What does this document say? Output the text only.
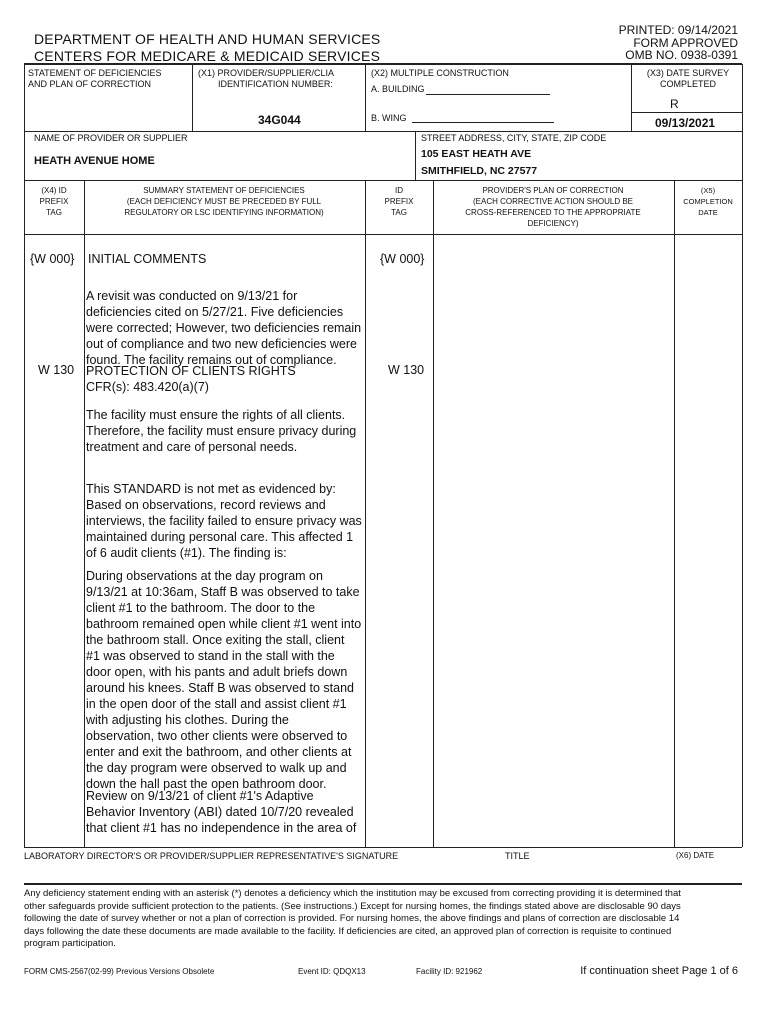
DEPARTMENT OF HEALTH AND HUMAN SERVICES
CENTERS FOR MEDICARE & MEDICAID SERVICES
PRINTED: 09/14/2021
FORM APPROVED
OMB NO. 0938-0391
STATEMENT OF DEFICIENCIES
AND PLAN OF CORRECTION
(X1) PROVIDER/SUPPLIER/CLIA
IDENTIFICATION NUMBER:
34G044
(X2) MULTIPLE CONSTRUCTION
A. BUILDING
B. WING
(X3) DATE SURVEY
COMPLETED
R
09/13/2021
NAME OF PROVIDER OR SUPPLIER
HEATH AVENUE HOME
STREET ADDRESS, CITY, STATE, ZIP CODE
105 EAST HEATH AVE
SMITHFIELD, NC 27577
(X4) ID
PREFIX
TAG
SUMMARY STATEMENT OF DEFICIENCIES
(EACH DEFICIENCY MUST BE PRECEDED BY FULL
REGULATORY OR LSC IDENTIFYING INFORMATION)
ID
PREFIX
TAG
PROVIDER'S PLAN OF CORRECTION
(EACH CORRECTIVE ACTION SHOULD BE
CROSS-REFERENCED TO THE APPROPRIATE
DEFICIENCY)
(X5)
COMPLETION
DATE
{W 000} INITIAL COMMENTS	{W 000}
A revisit was conducted on 9/13/21 for
deficiencies cited on 5/27/21. Five deficiencies
were corrected; However, two deficiencies remain
out of compliance and two new deficiencies were
found. The facility remains out of compliance.
W 130	W 130
PROTECTION OF CLIENTS RIGHTS
CFR(s): 483.420(a)(7)
The facility must ensure the rights of all clients.
Therefore, the facility must ensure privacy during
treatment and care of personal needs.
This STANDARD is not met as evidenced by:
Based on observations, record reviews and
interviews, the facility failed to ensure privacy was
maintained during personal care. This affected 1
of 6 audit clients (#1). The finding is:
During observations at the day program on
9/13/21 at 10:36am, Staff B was observed to take
client #1 to the bathroom. The door to the
bathroom remained open while client #1 went into
the bathroom stall. Once exiting the stall, client
#1 was observed to stand in the stall with the
door open, with his pants and adult briefs down
around his knees. Staff B was observed to stand
in the open door of the stall and assist client #1
with adjusting his clothes. During the
observation, two other clients were observed to
enter and exit the bathroom, and other clients at
the day program were observed to walk up and
down the hall past the open bathroom door.
Review on 9/13/21 of client #1's Adaptive
Behavior Inventory (ABI) dated 10/7/20 revealed
that client #1 has no independence in the area of
LABORATORY DIRECTOR'S OR PROVIDER/SUPPLIER REPRESENTATIVE'S SIGNATURE	TITLE	(X6) DATE
Any deficiency statement ending with an asterisk (*) denotes a deficiency which the institution may be excused from correcting providing it is determined that
other safeguards provide sufficient protection to the patients. (See instructions.) Except for nursing homes, the findings stated above are disclosable 90 days
following the date of survey whether or not a plan of correction is provided. For nursing homes, the above findings and plans of correction are disclosable 14
days following the date these documents are made available to the facility. If deficiencies are cited, an approved plan of correction is requisite to continued
program participation.
FORM CMS-2567(02-99) Previous Versions Obsolete	Event ID: QDQX13	Facility ID: 921962	If continuation sheet Page 1 of 6
